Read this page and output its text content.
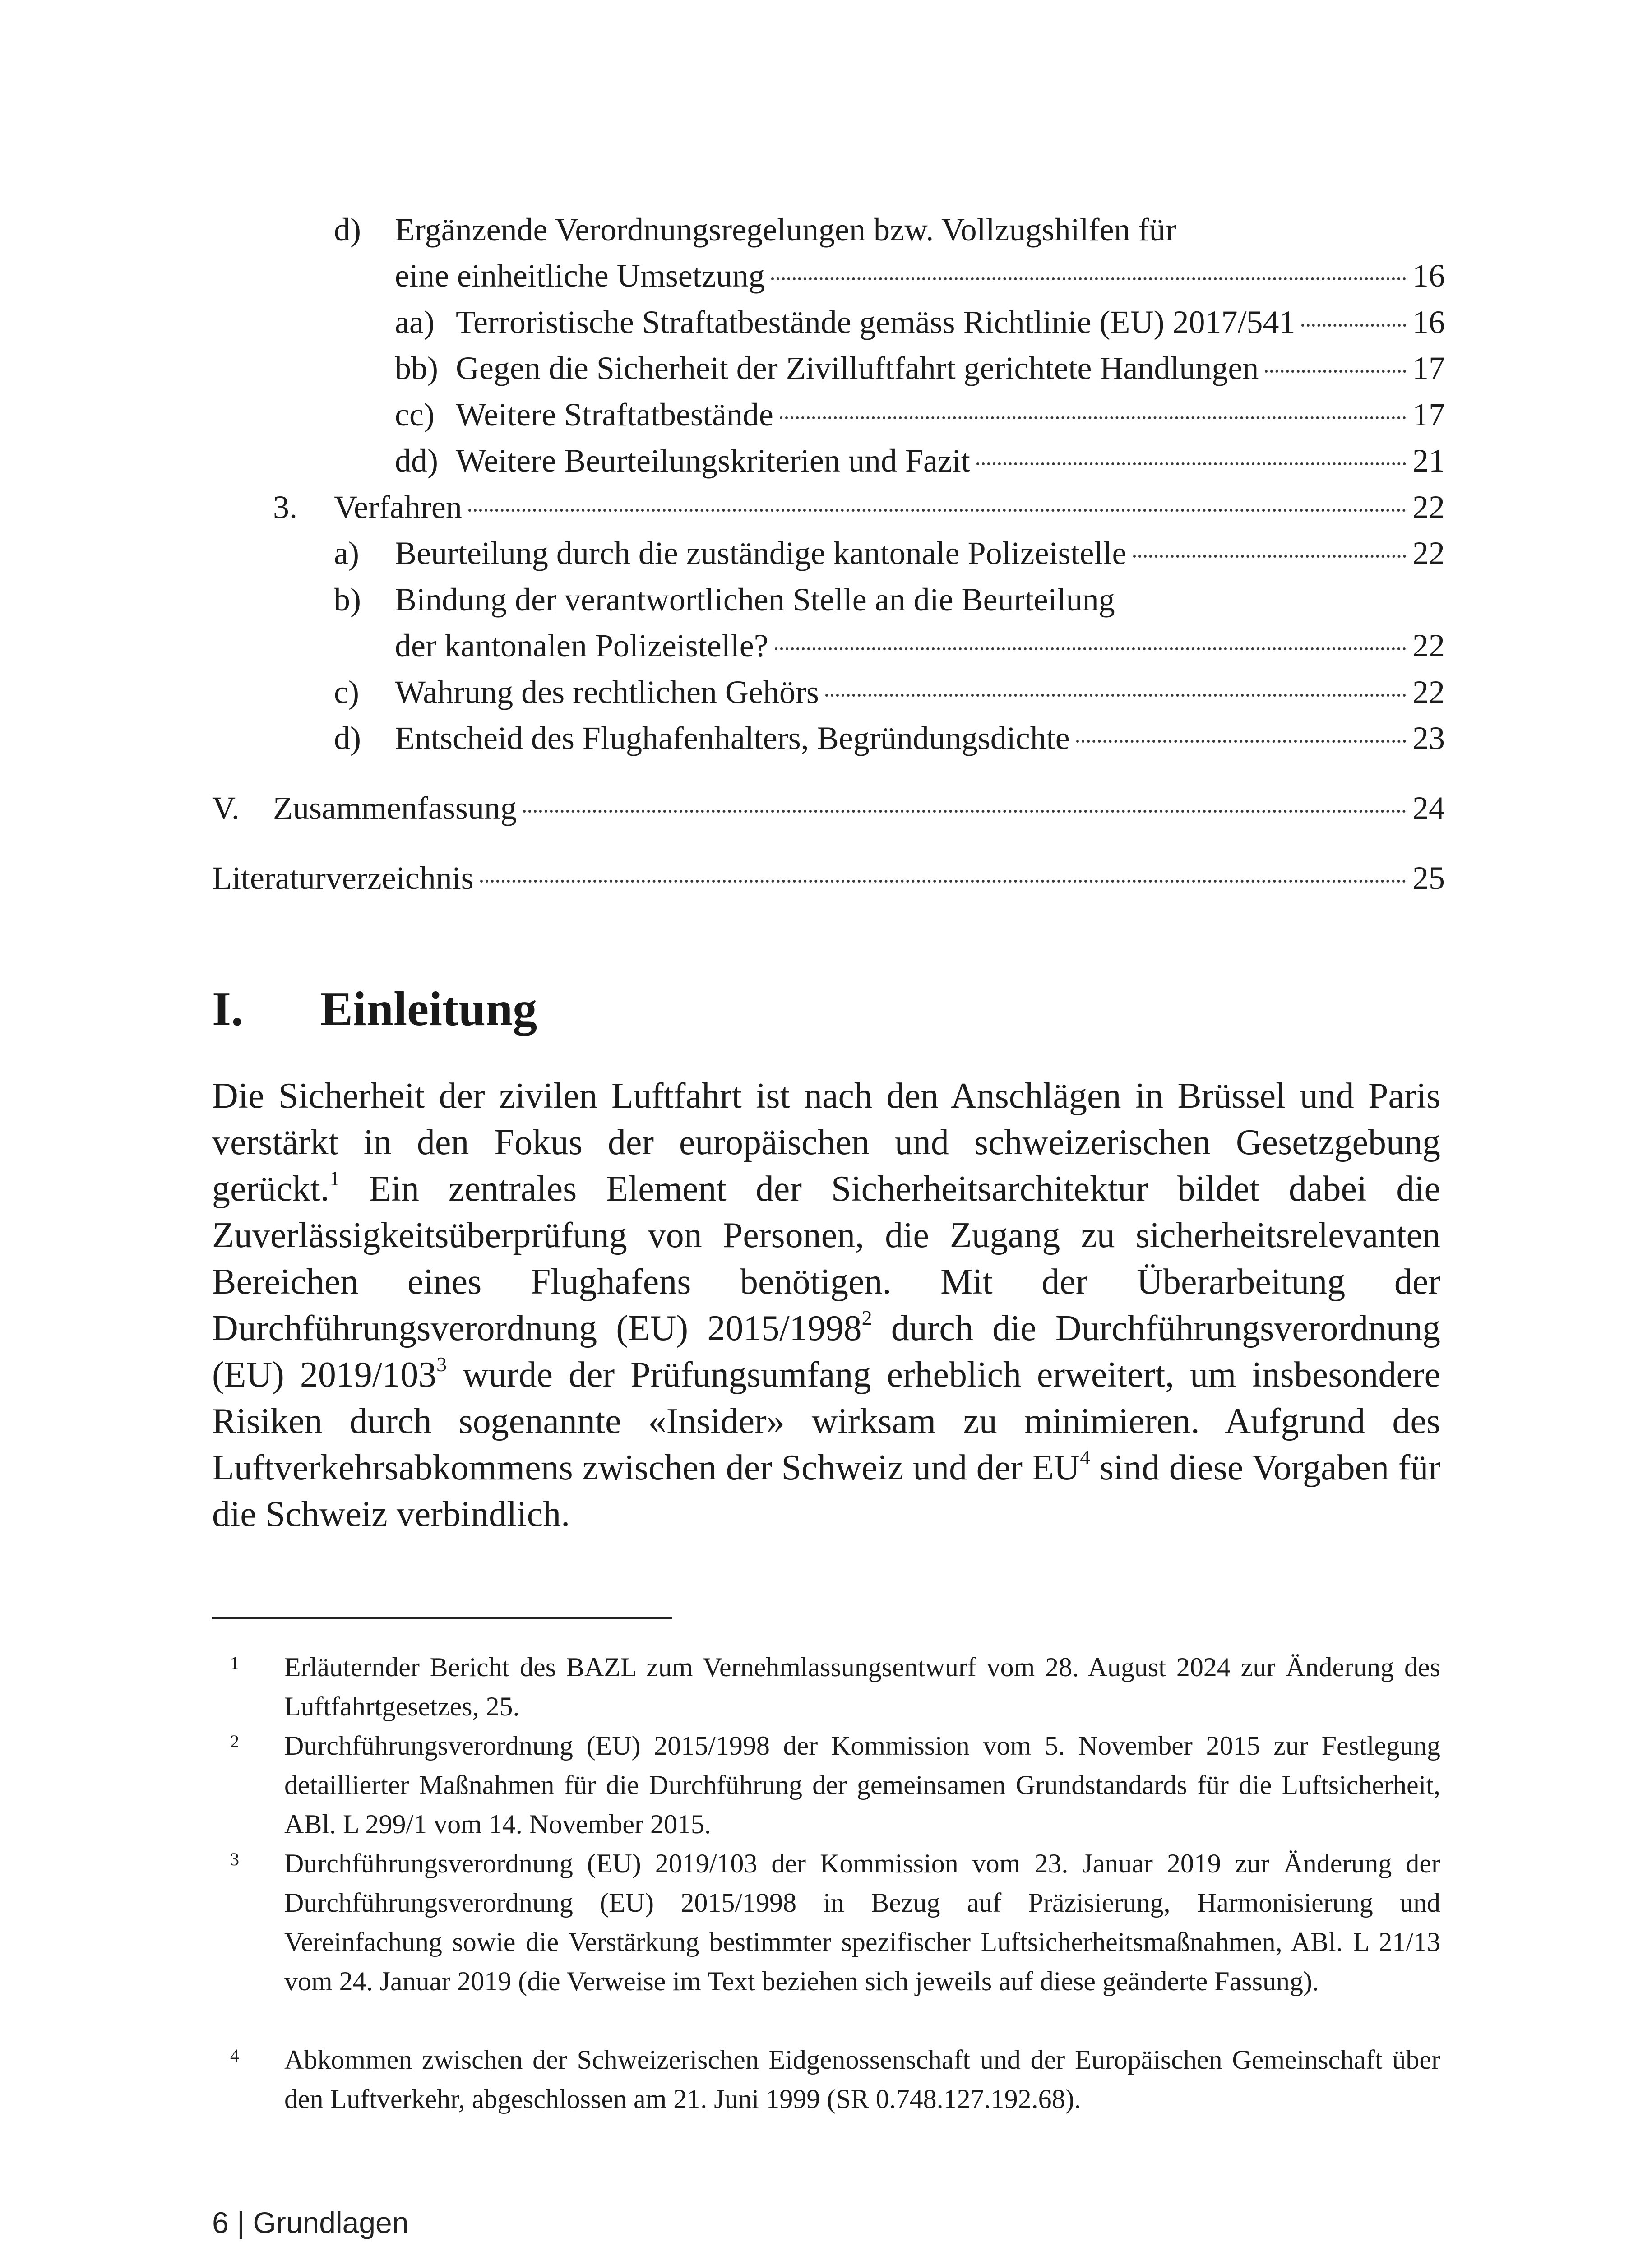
d)	Ergänzende Verordnungsregelungen bzw. Vollzugshilfen für
eine einheitliche Umsetzung	16
aa) Terroristische Straftatbestände gemäss Richtlinie (EU) 2017/541	16
bb) Gegen die Sicherheit der Zivilluftfahrt gerichtete Handlungen	17
cc) Weitere Straftatbestände	17
dd) Weitere Beurteilungskriterien und Fazit	21
3.	Verfahren	22
a)	Beurteilung durch die zuständige kantonale Polizeistelle	22
b)	Bindung der verantwortlichen Stelle an die Beurteilung
der kantonalen Polizeistelle?	22
c)	Wahrung des rechtlichen Gehörs	22
d)	Entscheid des Flughafenhalters, Begründungsdichte	23
V.	Zusammenfassung	24
Literaturverzeichnis	25
I. Einleitung

Die Sicherheit der zivilen Luftfahrt ist nach den Anschlägen in Brüssel und Paris verstärkt in den Fokus der europäischen und schweizerischen Gesetzgebung gerückt.$^1$ Ein zentrales Element der Sicherheitsarchitektur bildet dabei die Zuverlässigkeitsüberprüfung von Personen, die Zugang zu sicherheitsrelevanten Bereichen eines Flughafens benötigen. Mit der Überarbeitung der Durchführungsverordnung (EU) 2015/1998$^2$ durch die Durchführungsverordnung (EU) $2019/103^3$ wurde der Prüfungsumfang erheblich erweitert, um insbesondere Risiken durch sogenannte «Insider» wirksam zu minimieren. Aufgrund des Luftverkehrsabkommens zwischen der Schweiz und der $EU^4$ sind diese Vorgaben für die Schweiz verbindlich.

1 Erläuternder Bericht des BAZL zum Vernehmlassungsentwurf vom 28. August 2024 zur Änderung des Luftfahrtgesetzes, 25.
2 Durchführungsverordnung (EU) 2015/1998 der Kommission vom 5. November 2015 zur Festlegung detaillierter Maßnahmen für die Durchführung der gemeinsamen Grundstandards für die Luftsicherheit, ABl. L 299/1 vom 14. November 2015.
3 Durchführungsverordnung (EU) 2019/103 der Kommission vom 23. Januar 2019 zur Änderung der Durchführungsverordnung (EU) 2015/1998 in Bezug auf Präzisierung, Harmonisierung und Vereinfachung sowie die Verstärkung bestimmter spezifischer Luftsicherheitsmaßnahmen, ABl. L 21/13 vom 24. Januar 2019 (die Verweise im Text beziehen sich jeweils auf diese geänderte Fassung).
4 Abkommen zwischen der Schweizerischen Eidgenossenschaft und der Europäischen Gemeinschaft über den Luftverkehr, abgeschlossen am 21. Juni 1999 (SR 0.748.127.192.68).
6 | Grundlagen
